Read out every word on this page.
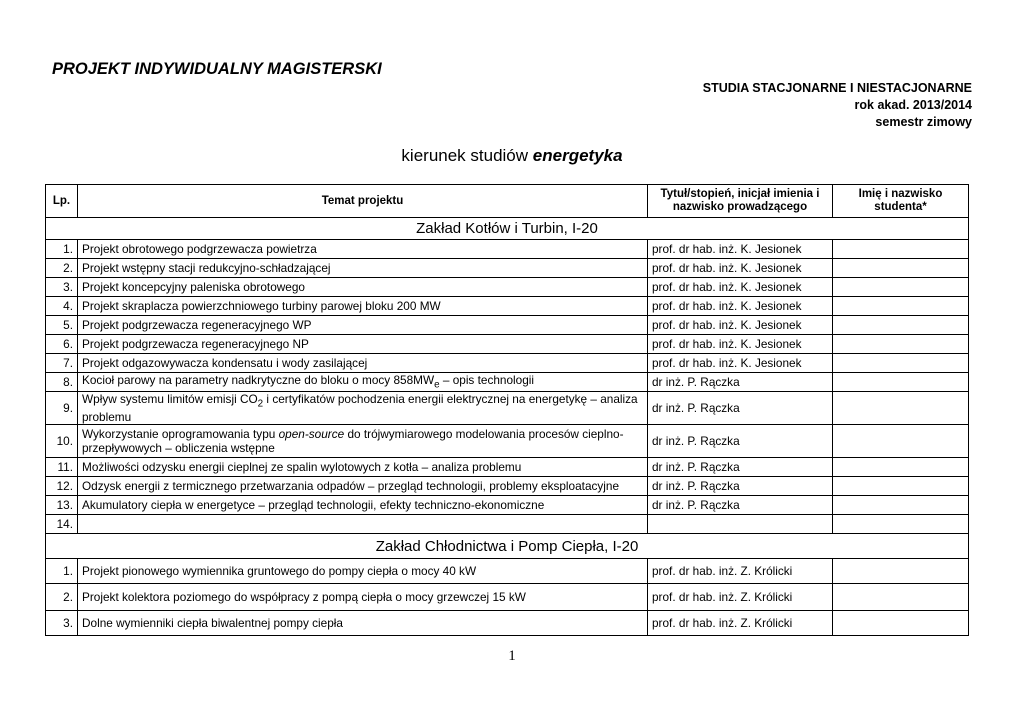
PROJEKT INDYWIDUALNY MAGISTERSKI
STUDIA STACJONARNE I NIESTACJONARNE
rok akad. 2013/2014
semestr zimowy
kierunek studiów energetyka
Lp.	Temat projektu	Tytuł/stopień, inicjał imienia i nazwisko prowadzącego	Imię i nazwisko studenta*
Zakład Kotłów i Turbin, I-20			
1.	Projekt obrotowego podgrzewacza powietrza	prof. dr hab. inż. K. Jesionek	
2.	Projekt wstępny stacji redukcyjno-schładzającej	prof. dr hab. inż. K. Jesionek	
3.	Projekt koncepcyjny paleniska obrotowego	prof. dr hab. inż. K. Jesionek	
4.	Projekt skraplacza powierzchniowego turbiny parowej bloku 200 MW	prof. dr hab. inż. K. Jesionek	
5.	Projekt podgrzewacza regeneracyjnego WP	prof. dr hab. inż. K. Jesionek	
6.	Projekt podgrzewacza regeneracyjnego NP	prof. dr hab. inż. K. Jesionek	
7.	Projekt odgazowywacza kondensatu i wody zasilającej	prof. dr hab. inż. K. Jesionek	
8.	Kocioł parowy na parametry nadkrytyczne do bloku o mocy $858MW_e$ – opis technologii	dr inż. P. Rączka	
9.	Wpływ systemu limitów emisji $CO_2$ i certyfikatów pochodzenia energii elektrycznej na energetykę – analiza problemu	dr inż. P. Rączka	
10.	Wykorzystanie oprogramowania typu open-source do trójwymiarowego modelowania procesów cieplno-przepływowych – obliczenia wstępne	dr inż. P. Rączka	
11.	Możliwości odzysku energii cieplnej ze spalin wylotowych z kotła – analiza problemu	dr inż. P. Rączka	
12.	Odzysk energii z termicznego przetwarzania odpadów – przegląd technologii, problemy eksploatacyjne	dr inż. P. Rączka	
13.	Akumulatory ciepła w energetyce – przegląd technologii, efekty techniczno-ekonomiczne	dr inż. P. Rączka	
14.			
Zakład Chłodnictwa i Pomp Ciepła, I-20			
1.	Projekt pionowego wymiennika gruntowego do pompy ciepła o mocy 40 kW	prof. dr hab. inż. Z. Królicki	
2.	Projekt kolektora poziomego do współpracy z pompą ciepła o mocy grzewczej 15 kW	prof. dr hab. inż. Z. Królicki	
3.	Dolne wymienniki ciepła biwalentnej pompy ciepła	prof. dr hab. inż. Z. Królicki	
1
